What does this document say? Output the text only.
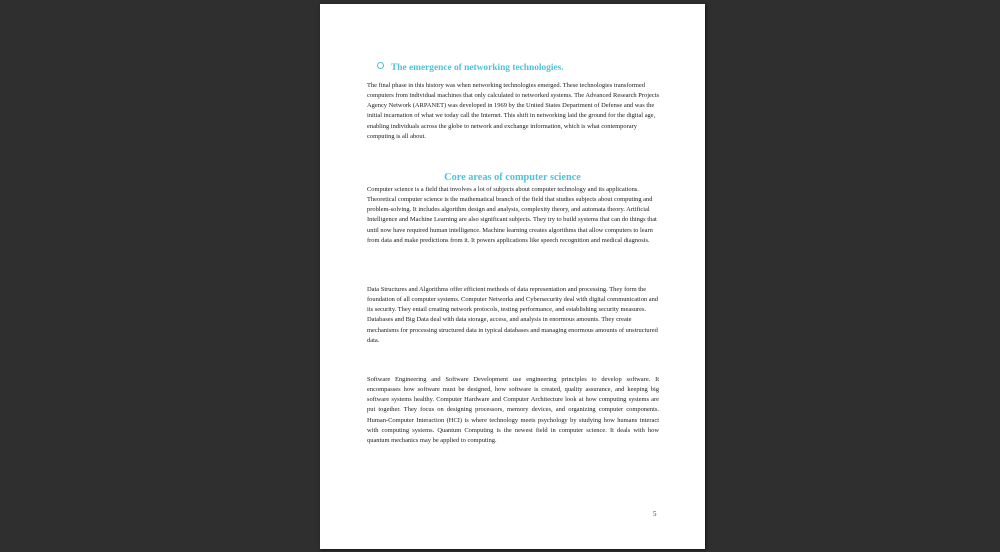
The emergence of networking technologies.

The final phase in this history was when networking technologies emerged. These technologies transformed computers from individual machines that only calculated to networked systems. The Advanced Research Projects Agency Network (ARPANET) was developed in 1969 by the United States Department of Defense and was the initial incarnation of what we today call the Internet. This shift in networking laid the ground for the digital age, enabling individuals across the globe to network and exchange information, which is what contemporary computing is all about.

Core areas of computer science

Computer science is a field that involves a lot of subjects about computer technology and its applications. Theoretical computer science is the mathematical branch of the field that studies subjects about computing and problem-solving. It includes algorithm design and analysis, complexity theory, and automata theory. Artificial Intelligence and Machine Learning are also significant subjects. They try to build systems that can do things that until now have required human intelligence. Machine learning creates algorithms that allow computers to learn from data and make predictions from it. It powers applications like speech recognition and medical diagnosis.

Data Structures and Algorithms offer efficient methods of data representation and processing. They form the foundation of all computer systems. Computer Networks and Cybersecurity deal with digital communication and its security. They entail creating network protocols, testing performance, and establishing security measures. Databases and Big Data deal with data storage, access, and analysis in enormous amounts. They create mechanisms for processing structured data in typical databases and managing enormous amounts of unstructured data.

Software Engineering and Software Development use engineering principles to develop software. It encompasses how software must be designed, how software is created, quality assurance, and keeping big software systems healthy. Computer Hardware and Computer Architecture look at how computing systems are put together. They focus on designing processors, memory devices, and organizing computer components. Human-Computer Interaction (HCI) is where technology meets psychology by studying how humans interact with computing systems. Quantum Computing is the newest field in computer science. It deals with how quantum mechanics may be applied to computing.

5
